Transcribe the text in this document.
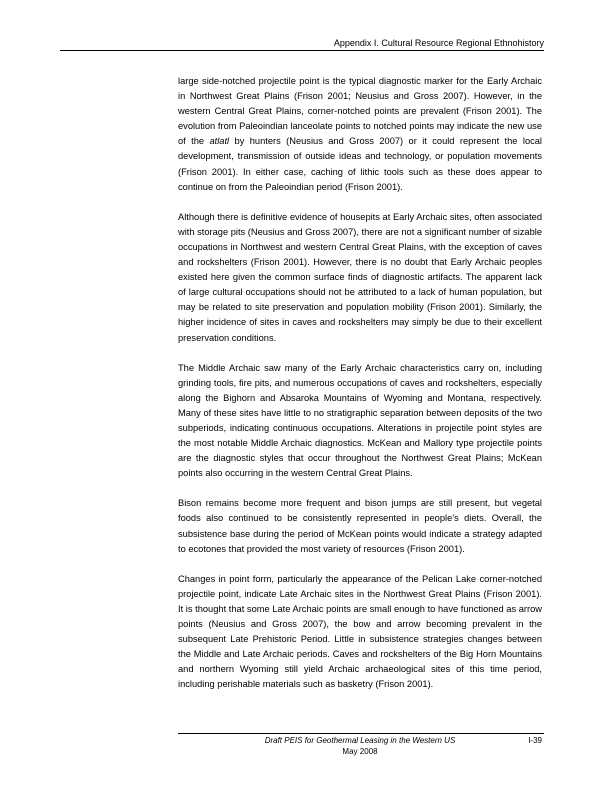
Appendix I. Cultural Resource Regional Ethnohistory

large side-notched projectile point is the typical diagnostic marker for the Early Archaic in Northwest Great Plains (Frison 2001; Neusius and Gross 2007). However, in the western Central Great Plains, corner-notched points are prevalent (Frison 2001). The evolution from Paleoindian lanceolate points to notched points may indicate the new use of the atlatl by hunters (Neusius and Gross 2007) or it could represent the local development, transmission of outside ideas and technology, or population movements (Frison 2001). In either case, caching of lithic tools such as these does appear to continue on from the Paleoindian period (Frison 2001).

Although there is definitive evidence of housepits at Early Archaic sites, often associated with storage pits (Neusius and Gross 2007), there are not a significant number of sizable occupations in Northwest and western Central Great Plains, with the exception of caves and rockshelters (Frison 2001). However, there is no doubt that Early Archaic peoples existed here given the common surface finds of diagnostic artifacts. The apparent lack of large cultural occupations should not be attributed to a lack of human population, but may be related to site preservation and population mobility (Frison 2001). Similarly, the higher incidence of sites in caves and rockshelters may simply be due to their excellent preservation conditions.

The Middle Archaic saw many of the Early Archaic characteristics carry on, including grinding tools, fire pits, and numerous occupations of caves and rockshelters, especially along the Bighorn and Absaroka Mountains of Wyoming and Montana, respectively. Many of these sites have little to no stratigraphic separation between deposits of the two subperiods, indicating continuous occupations. Alterations in projectile point styles are the most notable Middle Archaic diagnostics. McKean and Mallory type projectile points are the diagnostic styles that occur throughout the Northwest Great Plains; McKean points also occurring in the western Central Great Plains.

Bison remains become more frequent and bison jumps are still present, but vegetal foods also continued to be consistently represented in people’s diets. Overall, the subsistence base during the period of McKean points would indicate a strategy adapted to ecotones that provided the most variety of resources (Frison 2001).

Changes in point form, particularly the appearance of the Pelican Lake corner-notched projectile point, indicate Late Archaic sites in the Northwest Great Plains (Frison 2001). It is thought that some Late Archaic points are small enough to have functioned as arrow points (Neusius and Gross 2007), the bow and arrow becoming prevalent in the subsequent Late Prehistoric Period. Little in subsistence strategies changes between the Middle and Late Archaic periods. Caves and rockshelters of the Big Horn Mountains and northern Wyoming still yield Archaic archaeological sites of this time period, including perishable materials such as basketry (Frison 2001).

Draft PEIS for Geothermal Leasing in the Western US	I-39
May 2008
